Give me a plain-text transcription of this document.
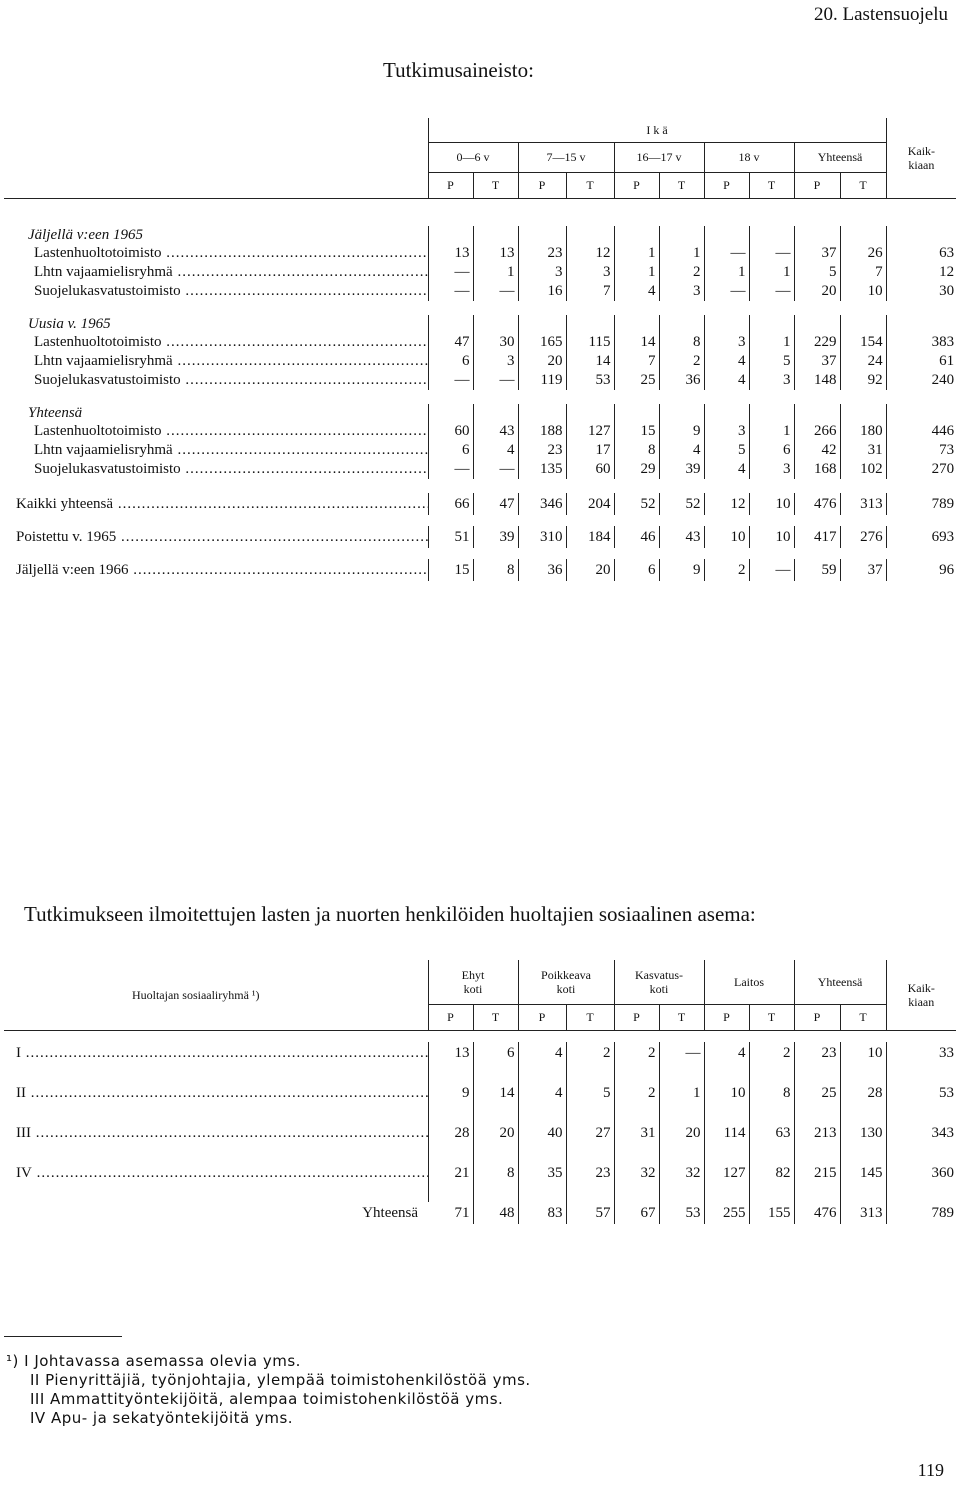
20. Lastensuojelu
Tutkimusaineisto:
	I k ä										Kaik-
kiaan
	0—6 v		7—15 v		16—17 v		18 v		Yhteensä		
	P	T	P	T	P	T	P	T	P	T	

Jäljellä v:een 1965											
Lastenhuoltotoimisto .....	13	13	23	12	1	1	—	—	37	26	63
Lhtn vajaamielisryhmä .....	—	1	3	3	1	2	1	1	5	7	12
Suojelukasvatustoimisto .....	—	—	16	7	4	3	—	—	20	10	30

Uusia v. 1965											
Lastenhuoltotoimisto .....	47	30	165	115	14	8	3	1	229	154	383
Lhtn vajaamielisryhmä .....	6	3	20	14	7	2	4	5	37	24	61
Suojelukasvatustoimisto .....	—	—	119	53	25	36	4	3	148	92	240

Yhteensä											
Lastenhuoltotoimisto .....	60	43	188	127	15	9	3	1	266	180	446
Lhtn vajaamielisryhmä .....	6	4	23	17	8	4	5	6	42	31	73
Suojelukasvatustoimisto .....	—	—	135	60	29	39	4	3	168	102	270

Kaikki yhteensä .....	66	47	346	204	52	52	12	10	476	313	789

Poistettu v. 1965 .....	51	39	310	184	46	43	10	10	417	276	693

Jäljellä v:een 1966 .....	15	8	36	20	6	9	2	—	59	37	96

Tutkimukseen ilmoitettujen lasten ja nuorten henkilöiden huoltajien sosiaalinen asema:
Huoltajan sosiaaliryhmä ¹)	Ehyt
koti		Poikkeava
koti		Kasvatus-
koti		Laitos		Yhteensä		Kaik-
kiaan
	P	T	P	T	P	T	P	T	P	T	

I .....	13	6	4	2	2	—	4	2	23	10	33

II .....	9	14	4	5	2	1	10	8	25	28	53

III .....	28	20	40	27	31	20	114	63	213	130	343

IV .....	21	8	35	23	32	32	127	82	215	145	360

Yhteensä	71	48	83	57	67	53	255	155	476	313	789
¹) I Johtavassa asemassa olevia yms.
II Pienyrittäjiä, työnjohtajia, ylempää toimistohenkilöstöä yms.
III Ammattityöntekijöitä, alempaa toimistohenkilöstöä yms.
IV Apu- ja sekatyöntekijöitä yms.
119
